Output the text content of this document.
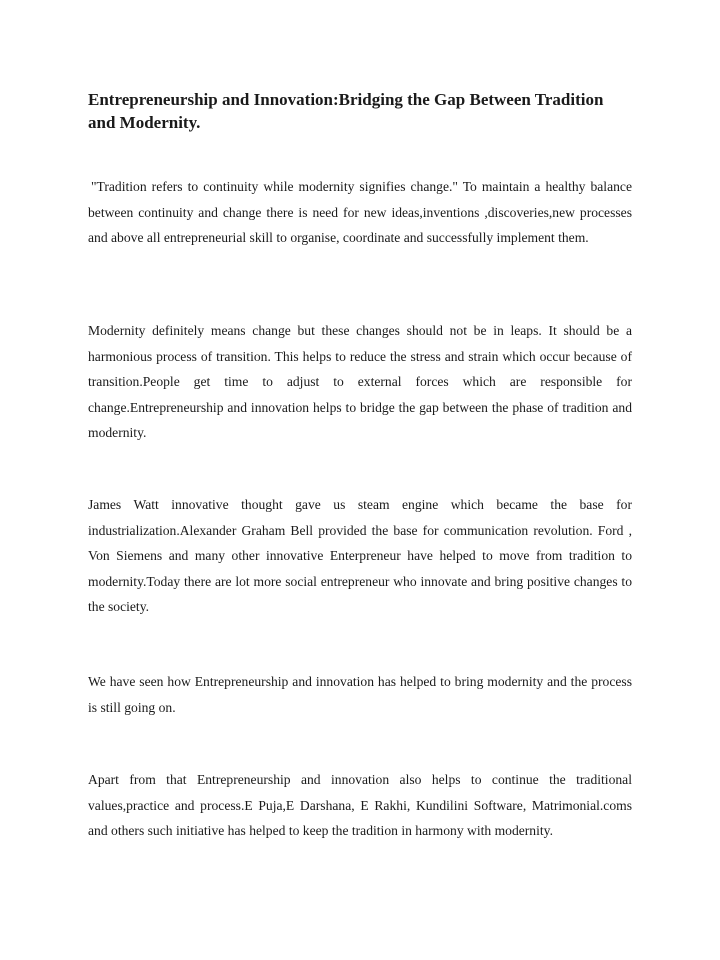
Entrepreneurship and Innovation:Bridging the Gap Between Tradition and Modernity.

"Tradition refers to continuity while modernity signifies change." To maintain a healthy balance between continuity and change there is need for new ideas,inventions ,discoveries,new processes and above all entrepreneurial skill to organise, coordinate and successfully implement them.

Modernity definitely means change but these changes should not be in leaps. It should be a harmonious process of transition. This helps to reduce the stress and strain which occur because of transition.People get time to adjust to external forces which are responsible for change.Entrepreneurship and innovation helps to bridge the gap between the phase of tradition and modernity.

James Watt innovative thought gave us steam engine which became the base for industrialization.Alexander Graham Bell provided the base for communication revolution. Ford , Von Siemens and many other innovative Enterpreneur have helped to move from tradition to modernity.Today there are lot more social entrepreneur who innovate and bring positive changes to the society.

We have seen how Entrepreneurship and innovation has helped to bring modernity and the process is still going on.

Apart from that Entrepreneurship and innovation also helps to continue the traditional values,practice and process.E Puja,E Darshana, E Rakhi, Kundilini Software, Matrimonial.coms and others such initiative has helped to keep the tradition in harmony with modernity.
